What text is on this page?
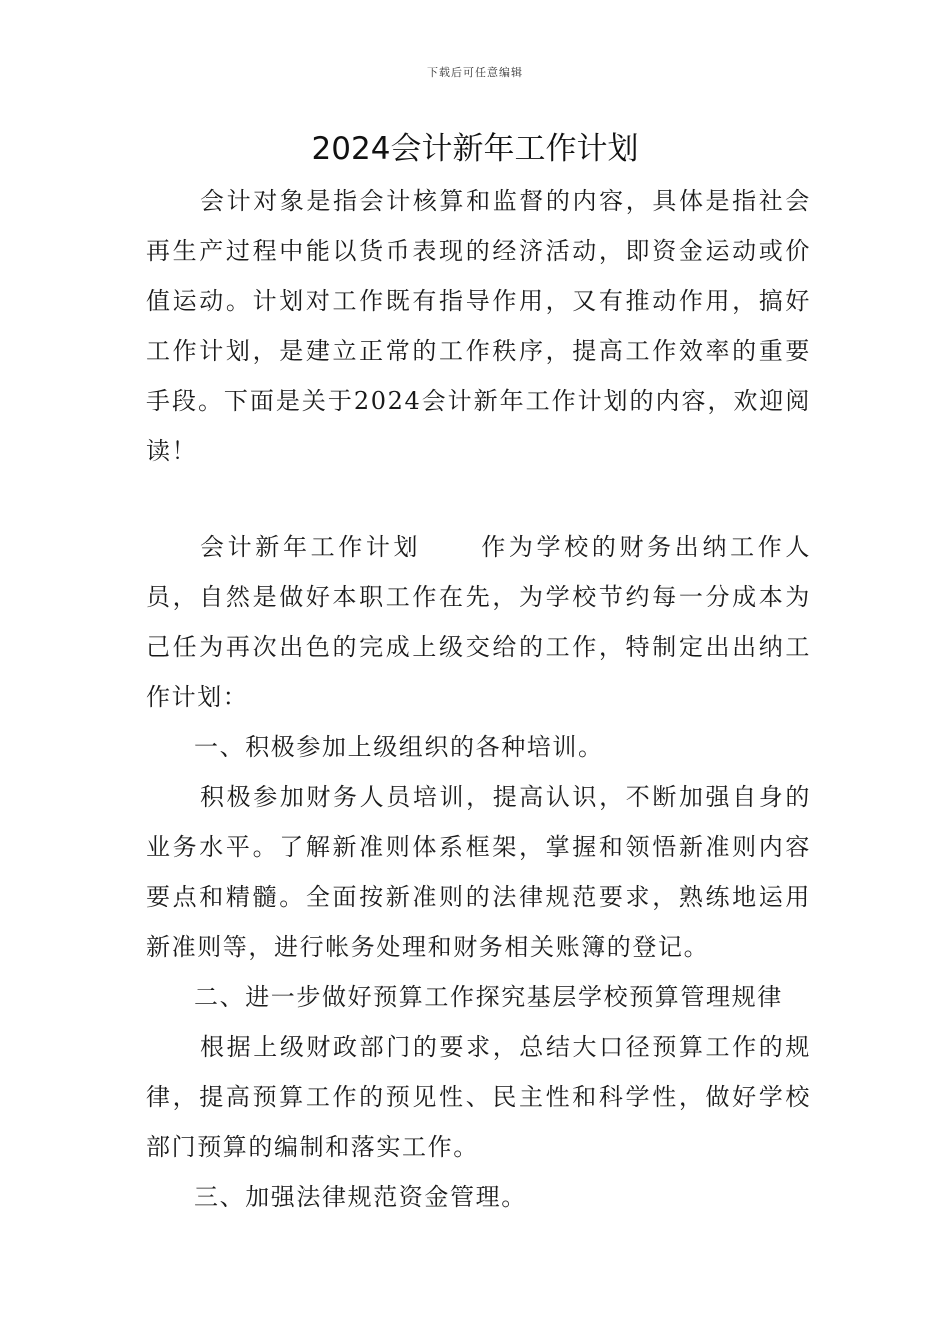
下载后可任意编辑
2024会计新年工作计划

会计对象是指会计核算和监督的内容，具体是指社会再生产过程中能以货币表现的经济活动，即资金运动或价值运动。计划对工作既有指导作用，又有推动作用，搞好工作计划，是建立正常的工作秩序，提高工作效率的重要手段。下面是关于2024会计新年工作计划的内容，欢迎阅读！

会计新年工作计划 作为学校的财务出纳工作人员，自然是做好本职工作在先，为学校节约每一分成本为己任为再次出色的完成上级交给的工作，特制定出出纳工作计划：

一、积极参加上级组织的各种培训。

积极参加财务人员培训，提高认识，不断加强自身的业务水平。了解新准则体系框架，掌握和领悟新准则内容要点和精髓。全面按新准则的法律规范要求，熟练地运用新准则等，进行帐务处理和财务相关账簿的登记。

二、进一步做好预算工作探究基层学校预算管理规律

根据上级财政部门的要求，总结大口径预算工作的规律，提高预算工作的预见性、民主性和科学性，做好学校部门预算的编制和落实工作。

三、加强法律规范资金管理。
